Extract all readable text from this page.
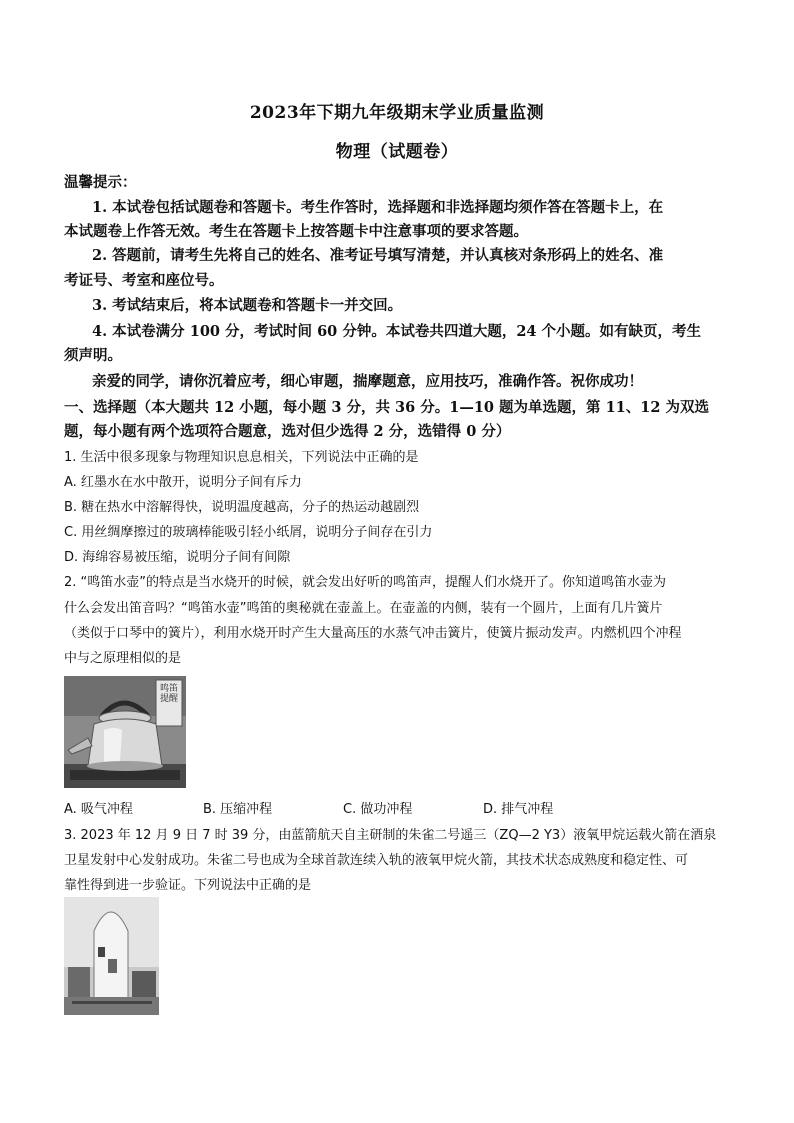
2023年下期九年级期末学业质量监测
物理（试题卷）
温馨提示：
1. 本试卷包括试题卷和答题卡。考生作答时，选择题和非选择题均须作答在答题卡上，在
本试题卷上作答无效。考生在答题卡上按答题卡中注意事项的要求答题。
2. 答题前，请考生先将自己的姓名、准考证号填写清楚，并认真核对条形码上的姓名、准
考证号、考室和座位号。
3. 考试结束后，将本试题卷和答题卡一并交回。
4. 本试卷满分 100 分，考试时间 60 分钟。本试卷共四道大题，24 个小题。如有缺页，考生
须声明。
亲爱的同学，请你沉着应考，细心审题，揣摩题意，应用技巧，准确作答。祝你成功！
一、选择题（本大题共 12 小题，每小题 3 分，共 36 分。1—10 题为单选题，第 11、12 为双选
题，每小题有两个选项符合题意，选对但少选得 2 分，选错得 0 分）
1. 生活中很多现象与物理知识息息相关，下列说法中正确的是
A. 红墨水在水中散开，说明分子间有斥力
B. 糖在热水中溶解得快，说明温度越高，分子的热运动越剧烈
C. 用丝绸摩擦过的玻璃棒能吸引轻小纸屑，说明分子间存在引力
D. 海绵容易被压缩，说明分子间有间隙
2. “鸣笛水壶”的特点是当水烧开的时候，就会发出好听的鸣笛声，提醒人们水烧开了。你知道鸣笛水壶为
什么会发出笛音吗？“鸣笛水壶”鸣笛的奥秘就在壶盖上。在壶盖的内侧，装有一个圆片，上面有几片簧片
（类似于口琴中的簧片），利用水烧开时产生大量高压的水蒸气冲击簧片，使簧片振动发声。内燃机四个冲程
中与之原理相似的是
鸣笛提醒
A. 吸气冲程	B. 压缩冲程	C. 做功冲程	D. 排气冲程
3. 2023 年 12 月 9 日 7 时 39 分，由蓝箭航天自主研制的朱雀二号遥三（ZQ—2 Y3）液氧甲烷运载火箭在酒泉
卫星发射中心发射成功。朱雀二号也成为全球首款连续入轨的液氧甲烷火箭，其技术状态成熟度和稳定性、可
靠性得到进一步验证。下列说法中正确的是
